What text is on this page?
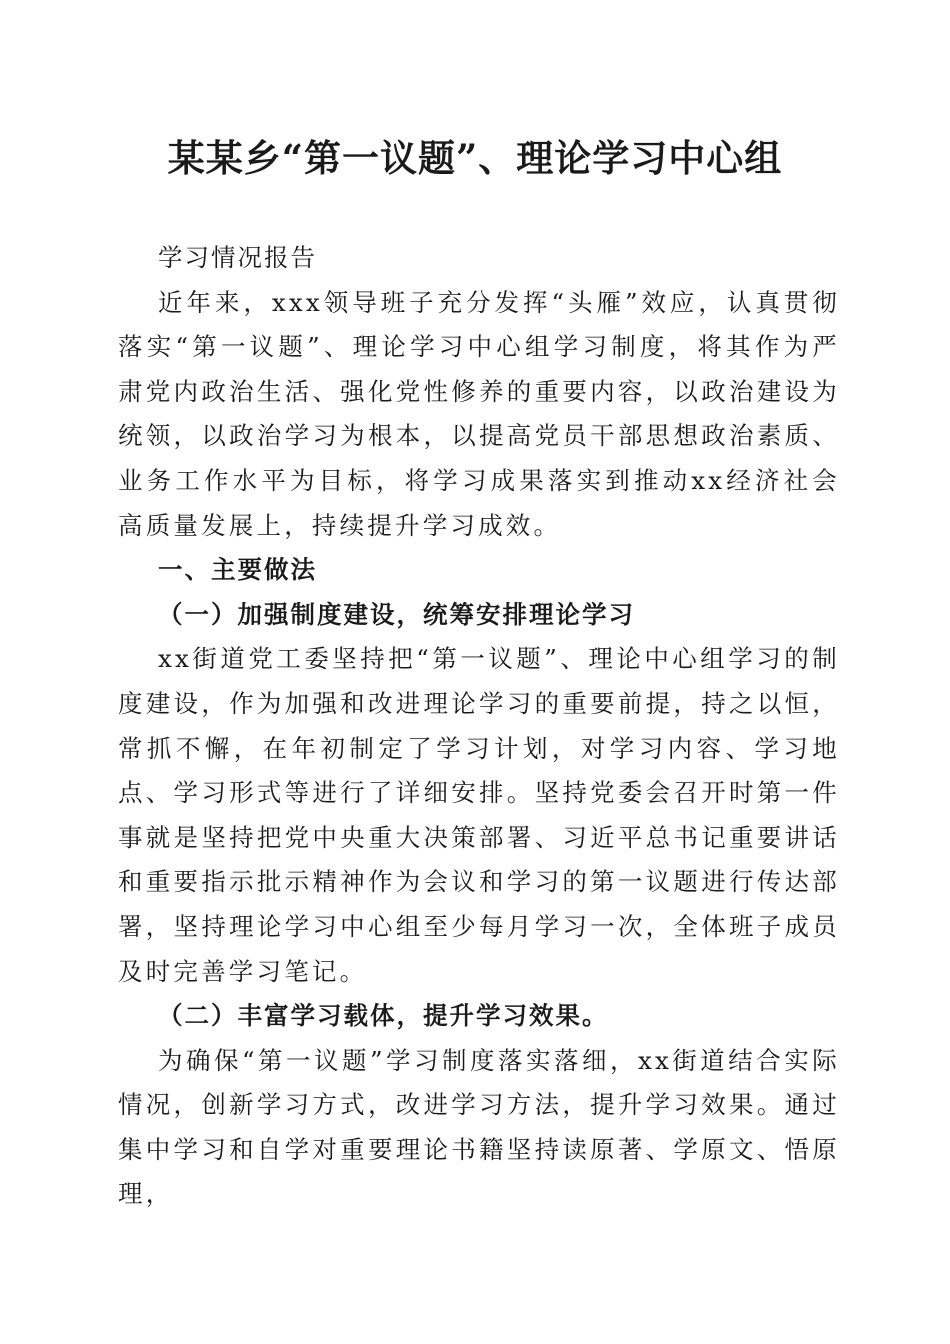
某某乡“第一议题”、理论学习中心组

学习情况报告

近年来，xxx领导班子充分发挥“头雁”效应，认真贯彻落实“第一议题”、理论学习中心组学习制度，将其作为严肃党内政治生活、强化党性修养的重要内容，以政治建设为统领，以政治学习为根本，以提高党员干部思想政治素质、业务工作水平为目标，将学习成果落实到推动xx经济社会高质量发展上，持续提升学习成效。

一、主要做法

（一）加强制度建设，统筹安排理论学习

xx街道党工委坚持把“第一议题”、理论中心组学习的制度建设，作为加强和改进理论学习的重要前提，持之以恒，常抓不懈，在年初制定了学习计划，对学习内容、学习地点、学习形式等进行了详细安排。坚持党委会召开时第一件事就是坚持把党中央重大决策部署、习近平总书记重要讲话和重要指示批示精神作为会议和学习的第一议题进行传达部署，坚持理论学习中心组至少每月学习一次，全体班子成员及时完善学习笔记。

（二）丰富学习载体，提升学习效果。

为确保“第一议题”学习制度落实落细，xx街道结合实际情况，创新学习方式，改进学习方法，提升学习效果。通过集中学习和自学对重要理论书籍坚持读原著、学原文、悟原理，
